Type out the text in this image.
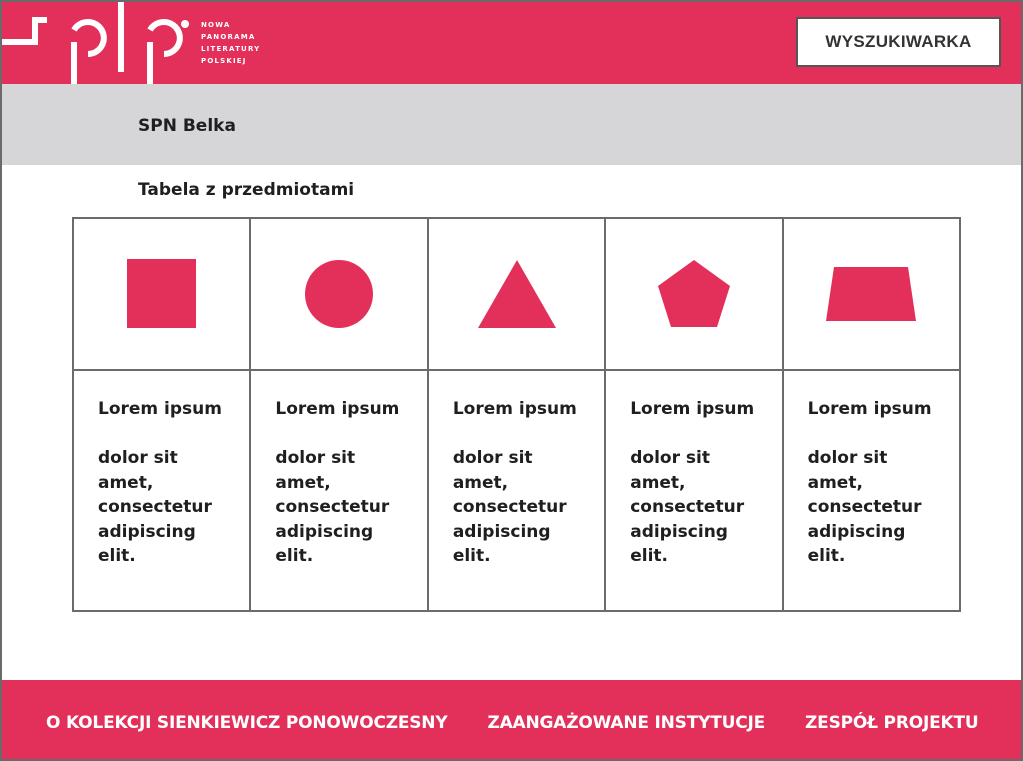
NOWA
PANORAMA
LITERATURY
POLSKIEJ
WYSZUKIWARKA
SPN Belka
Tabela z przedmiotami
Lorem ipsum
dolor sit amet, consectetur adipiscing elit.
Lorem ipsum
dolor sit amet, consectetur adipiscing elit.
Lorem ipsum
dolor sit amet, consectetur adipiscing elit.
Lorem ipsum
dolor sit amet, consectetur adipiscing elit.
Lorem ipsum
dolor sit amet, consectetur adipiscing elit.
O KOLEKCJI SIENKIEWICZ PONOWOCZESNY ZAANGAŻOWANE INSTYTUCJE ZESPÓŁ PROJEKTU
